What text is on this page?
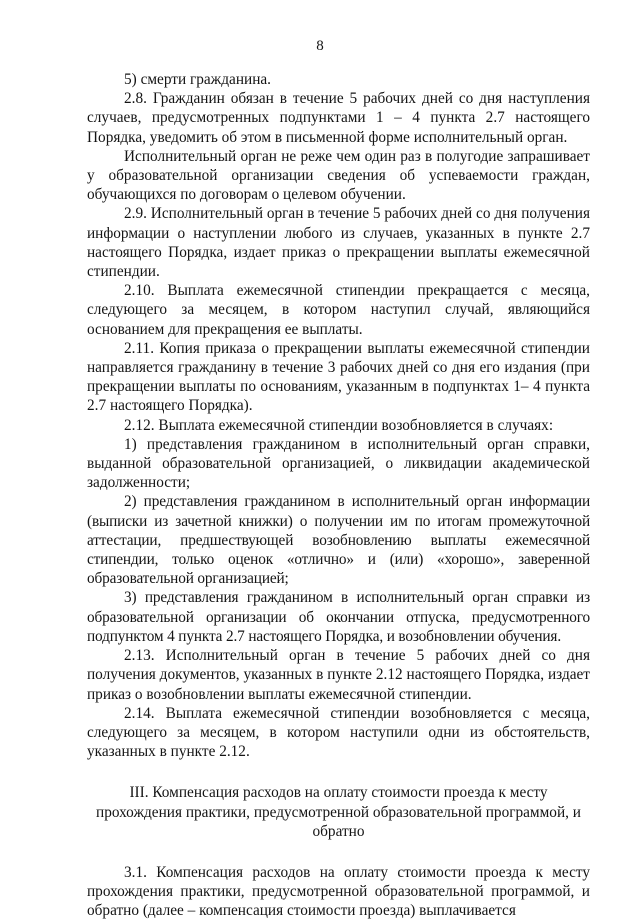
8

5) смерти гражданина.

2.8. Гражданин обязан в течение 5 рабочих дней со дня наступления случаев, предусмотренных подпунктами 1 – 4 пункта 2.7 настоящего Порядка, уведомить об этом в письменной форме исполнительный орган.

Исполнительный орган не реже чем один раз в полугодие запрашивает у образовательной организации сведения об успеваемости граждан, обучающихся по договорам о целевом обучении.

2.9. Исполнительный орган в течение 5 рабочих дней со дня получения информации о наступлении любого из случаев, указанных в пункте 2.7 настоящего Порядка, издает приказ о прекращении выплаты ежемесячной стипендии.

2.10. Выплата ежемесячной стипендии прекращается с месяца, следующего за месяцем, в котором наступил случай, являющийся основанием для прекращения ее выплаты.

2.11. Копия приказа о прекращении выплаты ежемесячной стипендии направляется гражданину в течение 3 рабочих дней со дня его издания (при прекращении выплаты по основаниям, указанным в подпунктах 1– 4 пункта 2.7 настоящего Порядка).

2.12. Выплата ежемесячной стипендии возобновляется в случаях:

1) представления гражданином в исполнительный орган справки, выданной образовательной организацией, о ликвидации академической задолженности;

2) представления гражданином в исполнительный орган информации (выписки из зачетной книжки) о получении им по итогам промежуточной аттестации, предшествующей возобновлению выплаты ежемесячной стипендии, только оценок «отлично» и (или) «хорошо», заверенной образовательной организацией;

3) представления гражданином в исполнительный орган справки из образовательной организации об окончании отпуска, предусмотренного подпунктом 4 пункта 2.7 настоящего Порядка, и возобновлении обучения.

2.13. Исполнительный орган в течение 5 рабочих дней со дня получения документов, указанных в пункте 2.12 настоящего Порядка, издает приказ о возобновлении выплаты ежемесячной стипендии.

2.14. Выплата ежемесячной стипендии возобновляется с месяца, следующего за месяцем, в котором наступили одни из обстоятельств, указанных в пункте 2.12.

III. Компенсация расходов на оплату стоимости проезда к месту прохождения практики, предусмотренной образовательной программой, и обратно

3.1. Компенсация расходов на оплату стоимости проезда к месту прохождения практики, предусмотренной образовательной программой, и обратно (далее – компенсация стоимости проезда) выплачивается
